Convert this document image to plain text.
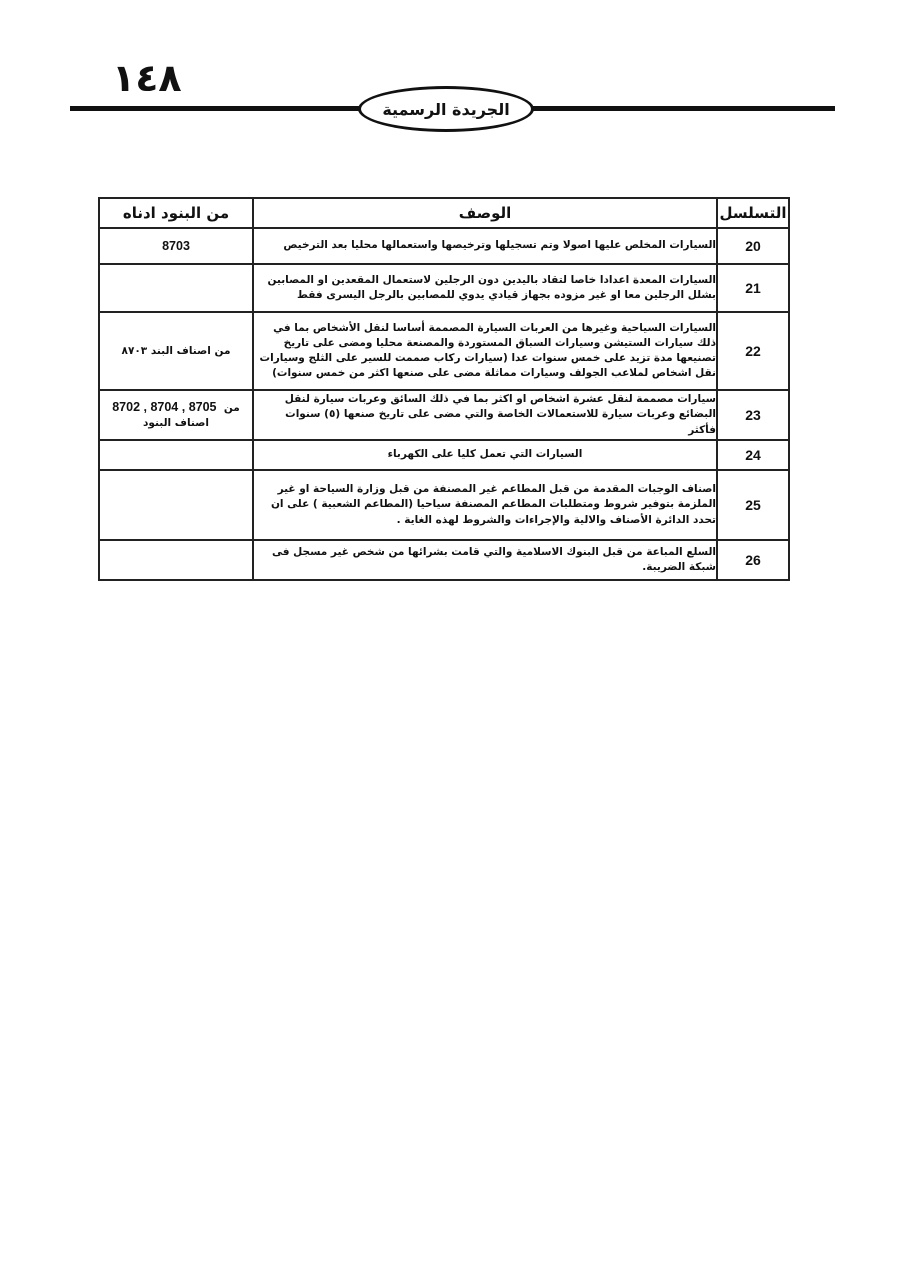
١٤٨
الجريدة الرسمية
التسلسل	الوصف	من البنود ادناه
20	السيارات المخلص عليها اصولا وتم تسجيلها وترخيصها واستعمالها محليا بعد الترخيص	8703
21	السيارات المعدة اعدادا خاصا لتقاد باليدين دون الرجلين لاستعمال المقعدين او المصابين بشلل الرجلين معا او غير مزوده بجهاز قيادي يدوي للمصابين بالرجل اليسرى فقط	
22	السيارات السياحية وغيرها من العربات السيارة المصممة أساسا لنقل الأشخاص بما في ذلك سيارات الستيشن وسيارات السباق المستوردة والمصنعة محليا ومضى على تاريخ تصنيعها مدة تزيد على خمس سنوات عدا (سيارات ركاب صممت للسير على الثلج وسيارات نقل اشخاص لملاعب الجولف وسيارات مماثلة مضى على صنعها اكثر من خمس سنوات)	من اصناف البند ٨٧٠٣
23	سيارات مصممة لنقل عشرة اشخاص او اكثر بما في ذلك السائق وعربات سيارة لنقل البضائع وعربات سيارة للاستعمالات الخاصة والتي مضى على تاريخ صنعها (٥) سنوات فأكثر	من  8705 , 8704 , 8702
اصناف البنود

24	السيارات التي تعمل كليا على الكهرباء	
25	اصناف الوجبات المقدمة من قبل المطاعم غير المصنفة من قبل وزارة السياحة او غير الملزمة بتوفير شروط ومتطلبات المطاعم المصنفة سياحيا (المطاعم الشعبية ) على ان تحدد الدائرة الأصناف والالية والإجراءات والشروط لهذه الغاية .	
26	السلع المباعة من قبل البنوك الاسلامية والتي قامت بشرائها من شخص غير مسجل فى شبكة الضريبة.	
